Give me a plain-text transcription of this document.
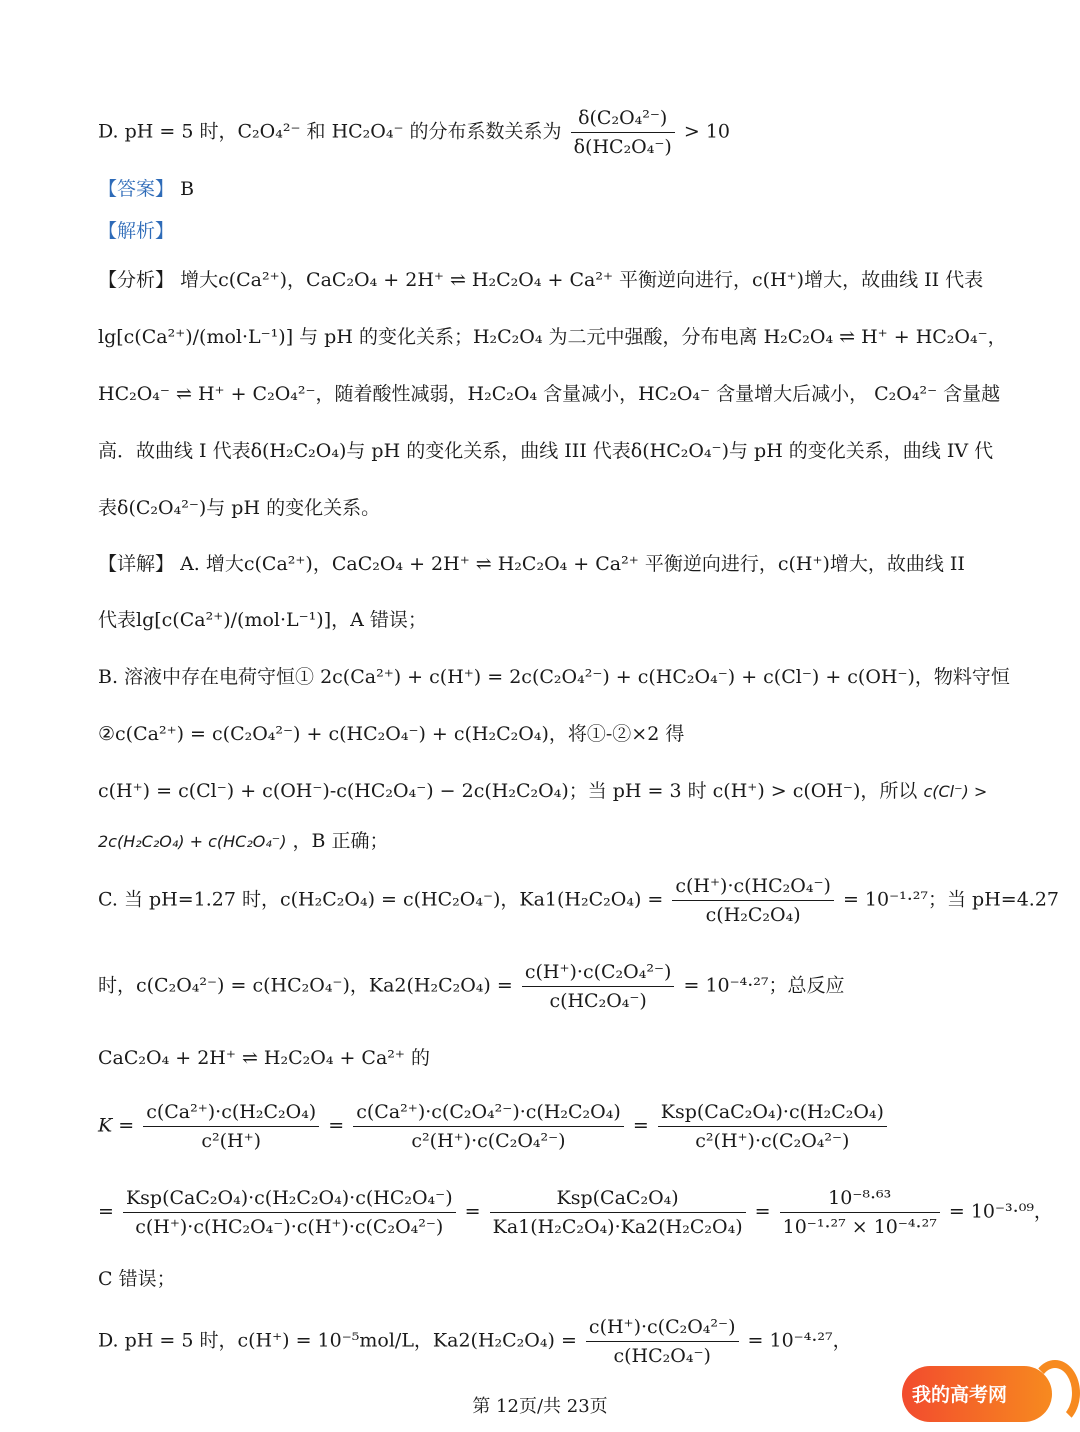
D. pH = 5 时，C₂O₄²⁻ 和 HC₂O₄⁻ 的分布系数关系为 $\frac{\text{δ(C₂O₄²⁻)}}{\text{δ(HC₂O₄⁻)}} > 10$
【答案】 B
【解析】
【分析】 增大c(Ca²⁺)，CaC₂O₄ + 2H⁺ ⇌ H₂C₂O₄ + Ca²⁺ 平衡逆向进行，c(H⁺)增大，故曲线 II 代表
lg[c(Ca²⁺)/(mol·L⁻¹)] 与 pH 的变化关系；H₂C₂O₄ 为二元中强酸，分布电离 H₂C₂O₄ ⇌ H⁺ + HC₂O₄⁻，
HC₂O₄⁻ ⇌ H⁺ + C₂O₄²⁻，随着酸性减弱，H₂C₂O₄ 含量减小，HC₂O₄⁻ 含量增大后减小， C₂O₄²⁻ 含量越
高．故曲线 I 代表δ(H₂C₂O₄)与 pH 的变化关系，曲线 III 代表δ(HC₂O₄⁻)与 pH 的变化关系，曲线 IV 代
表δ(C₂O₄²⁻)与 pH 的变化关系。
【详解】 A. 增大c(Ca²⁺)，CaC₂O₄ + 2H⁺ ⇌ H₂C₂O₄ + Ca²⁺ 平衡逆向进行，c(H⁺)增大，故曲线 II
代表lg[c(Ca²⁺)/(mol·L⁻¹)]，A 错误；
B. 溶液中存在电荷守恒① 2c(Ca²⁺) + c(H⁺) = 2c(C₂O₄²⁻) + c(HC₂O₄⁻) + c(Cl⁻) + c(OH⁻)，物料守恒
②c(Ca²⁺) = c(C₂O₄²⁻) + c(HC₂O₄⁻) + c(H₂C₂O₄)，将①-②×2 得
c(H⁺) = c(Cl⁻) + c(OH⁻)-c(HC₂O₄⁻) − 2c(H₂C₂O₄)；当 pH = 3 时 c(H⁺) > c(OH⁻)，所以 c(Cl⁻) >
2c(H₂C₂O₄) + c(HC₂O₄⁻) ，B 正确；
C. 当 pH=1.27 时，c(H₂C₂O₄) = c(HC₂O₄⁻)，$Ka1(H_2C_2O_4) = \frac{\text{c(H⁺)·c(HC₂O₄⁻)}}{\text{c(H₂C₂O₄)}} = 10^{-1}\cdot^{27}$；当 pH=4.27
时，c(C₂O₄²⁻) = c(HC₂O₄⁻)，$Ka2(H_2C_2O_4) = \frac{\text{c(H⁺)·c(C₂O₄²⁻)}}{\text{c(HC₂O₄⁻)}} = 10^{-4}\cdot^{27}$；总反应
CaC₂O₄ + 2H⁺ ⇌ H₂C₂O₄ + Ca²⁺ 的
$K = \frac{\text{c(Ca²⁺)·c(H₂C₂O₄)}}{\text{c²(H⁺)}} = \frac{\text{c(Ca²⁺)·c(C₂O₄²⁻)·c(H₂C₂O₄)}}{\text{c²(H⁺)·c(C₂O₄²⁻)}} = \frac{\text{Ksp(CaC₂O₄)·c(H₂C₂O₄)}}{\text{c²(H⁺)·c(C₂O₄²⁻)}}$
= $\frac{\text{Ksp(CaC₂O₄)·c(H₂C₂O₄)·c(HC₂O₄⁻)}}{\text{c(H⁺)·c(HC₂O₄⁻)·c(H⁺)·c(C₂O₄²⁻)}} = \frac{\text{Ksp(CaC₂O₄)}}{\text{Ka1(H₂C₂O₄)·Ka2(H₂C₂O₄)}} = \frac{\text{10⁻⁸·⁶³}}{\text{10⁻¹·²⁷ × 10⁻⁴·²⁷}} = 10^{-3}\cdot^{09}$，
C 错误；
D. pH = 5 时，c(H⁺) = 10⁻⁵mol/L，$Ka2(H_2C_2O_4) = \frac{\text{c(H⁺)·c(C₂O₄²⁻)}}{\text{c(HC₂O₄⁻)}} = 10^{-4}\cdot^{27}$，
第 12页/共 23页
我的高考网
